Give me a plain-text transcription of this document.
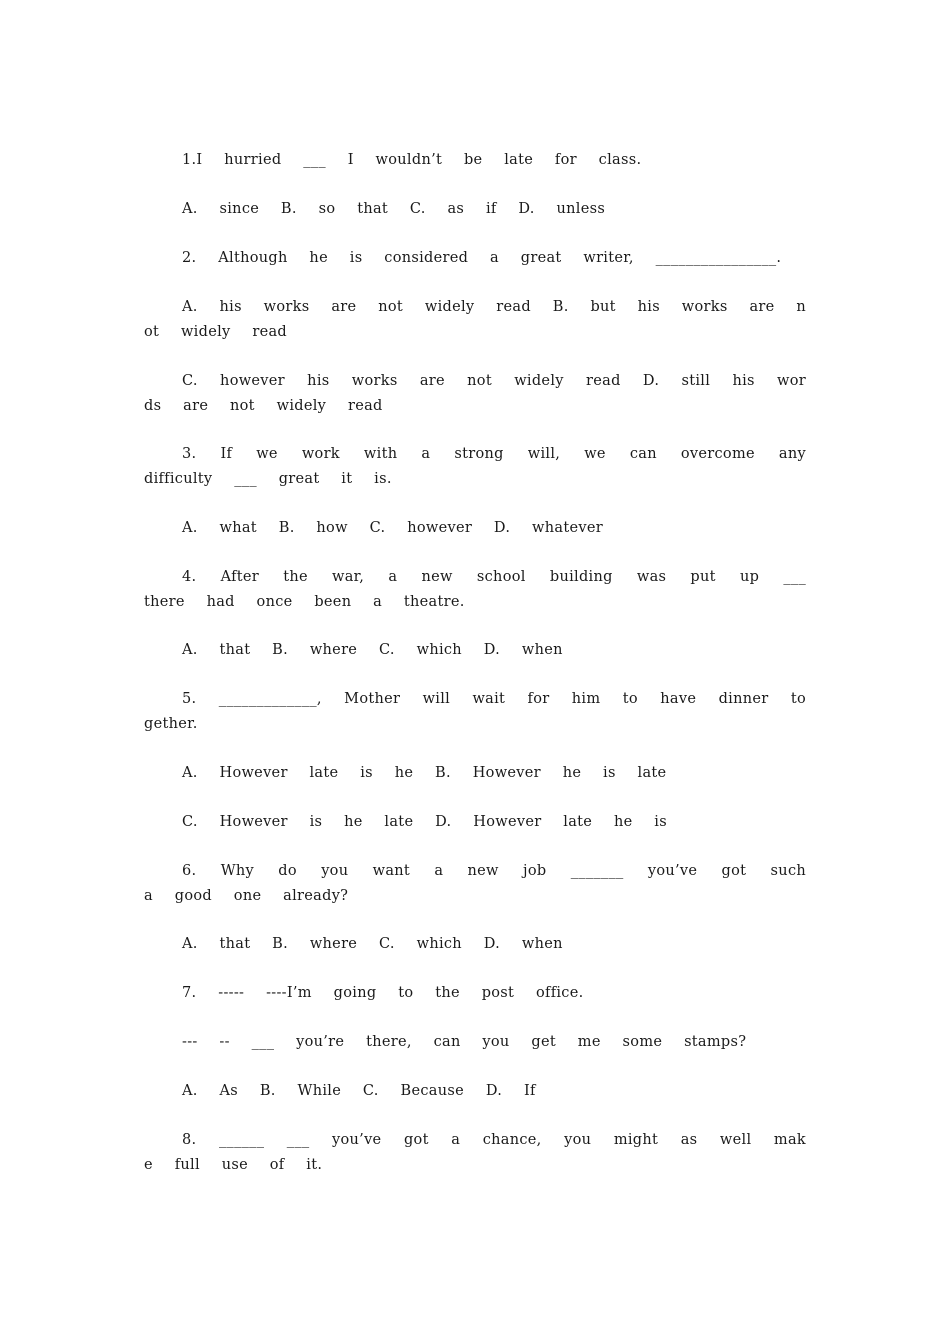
1.I  hurried  ___  I  wouldn’t  be  late  for  class.

A.  since  B.  so  that  C.  as  if  D.  unless

2.  Although  he  is  considered  a  great  writer,  ________________.

A.  his  works  are  not  widely  read  B.  but  his  works  are  not  widely  read

C.  however  his  works  are  not  widely  read  D.  still  his  words  are  not  widely  read

3.  If  we  work  with  a  strong  will,  we  can  overcome  any  difficulty  ___  great  it  is.

A.  what  B.  how  C.  however  D.  whatever

4.  After  the  war,  a  new  school  building  was  put  up  ___  there  had  once  been  a  theatre.

A.  that  B.  where  C.  which  D.  when

5.  _____________,  Mother  will  wait  for  him  to  have  dinner  together.

A.  However  late  is  he  B.  However  he  is  late

C.  However  is  he  late  D.  However  late  he  is

6.  Why  do  you  want  a  new  job  _______  you’ve  got  such  a  good  one  already?

A.  that  B.  where  C.  which  D.  when

7.  -----  ----I’m  going  to  the  post  office.

---  --  ___  you’re  there,  can  you  get  me  some  stamps?

A.  As  B.  While  C.  Because  D.  If

8.  ______  ___  you’ve  got  a  chance,  you  might  as  well  make  full  use  of  it.
